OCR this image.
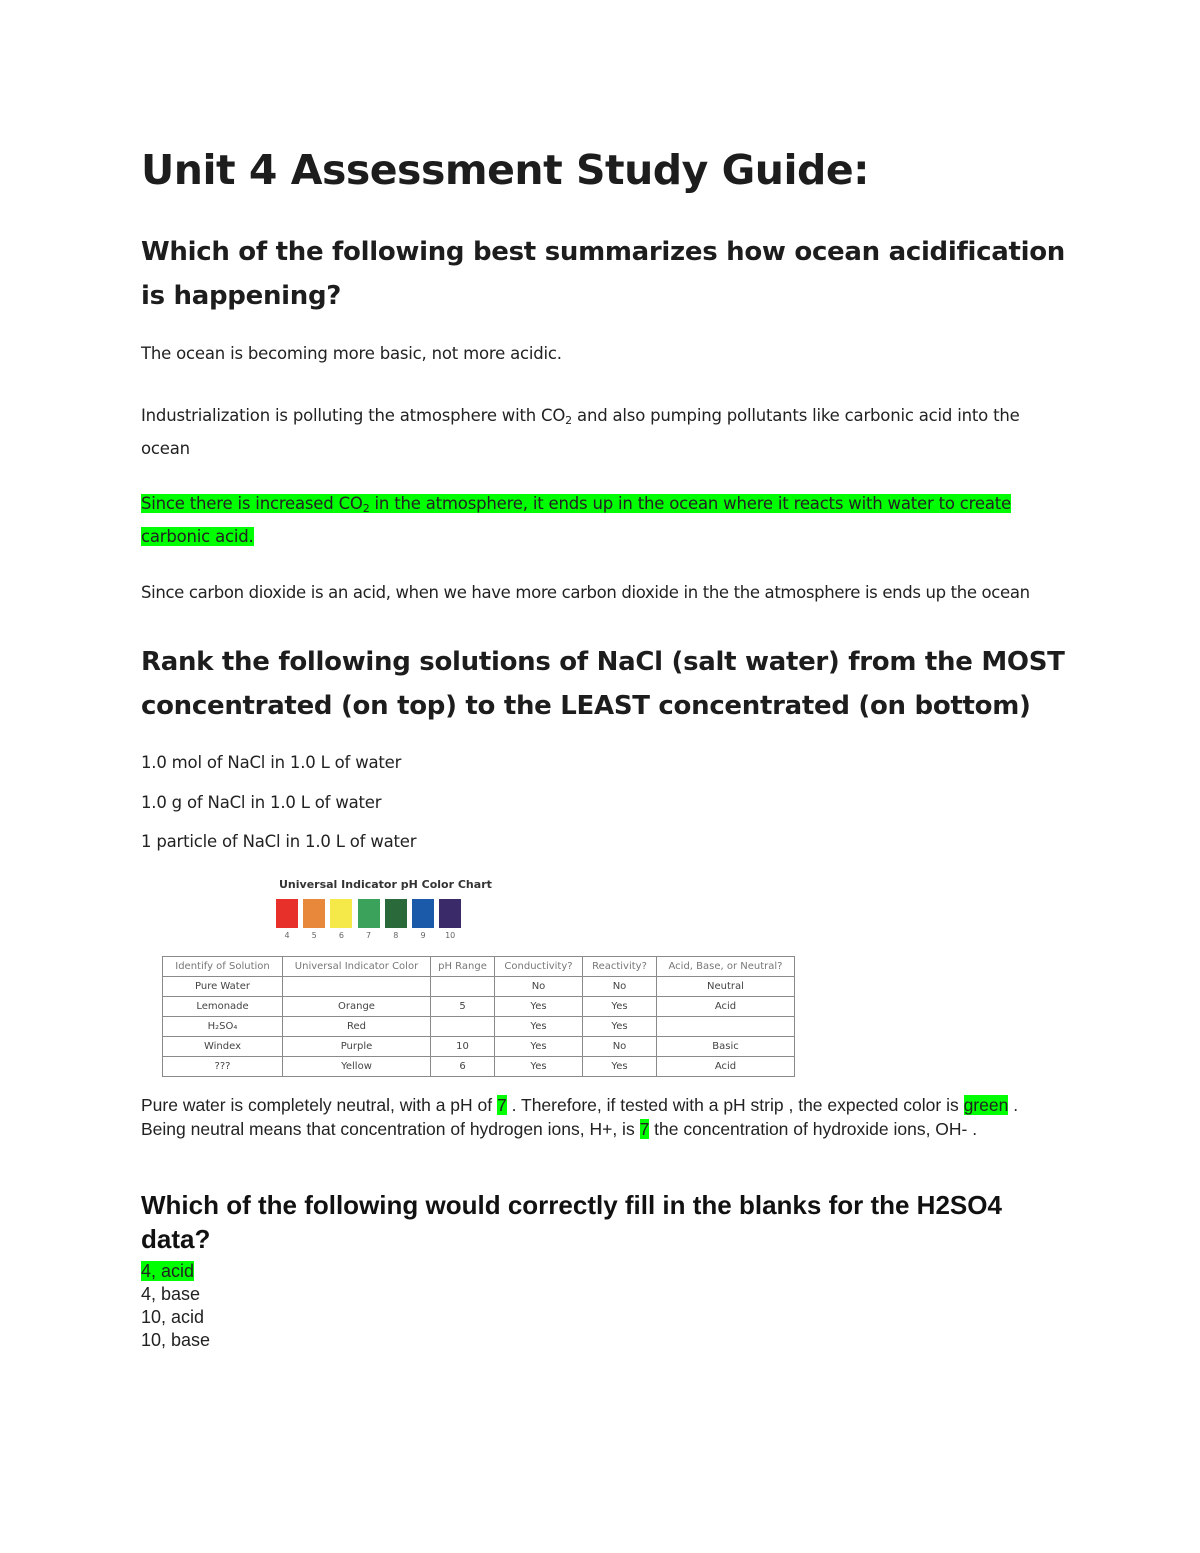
Unit 4 Assessment Study Guide:
Which of the following best summarizes how ocean acidification is happening?

The ocean is becoming more basic, not more acidic.

Industrialization is polluting the atmosphere with $CO_2$ and also pumping pollutants like carbonic acid into the ocean

Since there is increased $CO_2$ in the atmosphere, it ends up in the ocean where it reacts with water to create carbonic acid.

Since carbon dioxide is an acid, when we have more carbon dioxide in the the atmosphere is ends up the ocean

Rank the following solutions of NaCl (salt water) from the MOST concentrated (on top) to the LEAST concentrated (on bottom)

1.0 mol of NaCl in 1.0 L of water

1.0 g of NaCl in 1.0 L of water

1 particle of NaCl in 1.0 L of water

Universal Indicator pH Color Chart
4	5	6	7	8	9	10
Identify of Solution	Universal Indicator Color	pH Range	Conductivity?	Reactivity?	Acid, Base, or Neutral?
Pure Water			No	No	Neutral
Lemonade	Orange	5	Yes	Yes	Acid
H₂SO₄	Red		Yes	Yes	
Windex	Purple	10	Yes	No	Basic
???	Yellow	6	Yes	Yes	Acid

Pure water is completely neutral, with a pH of 7 . Therefore, if tested with a pH strip , the expected color is green .

Being neutral means that concentration of hydrogen ions, H+, is 7 the concentration of hydroxide ions, OH- .

Which of the following would correctly fill in the blanks for the H2SO4 data?
4, acid
4, base
10, acid
10, base
